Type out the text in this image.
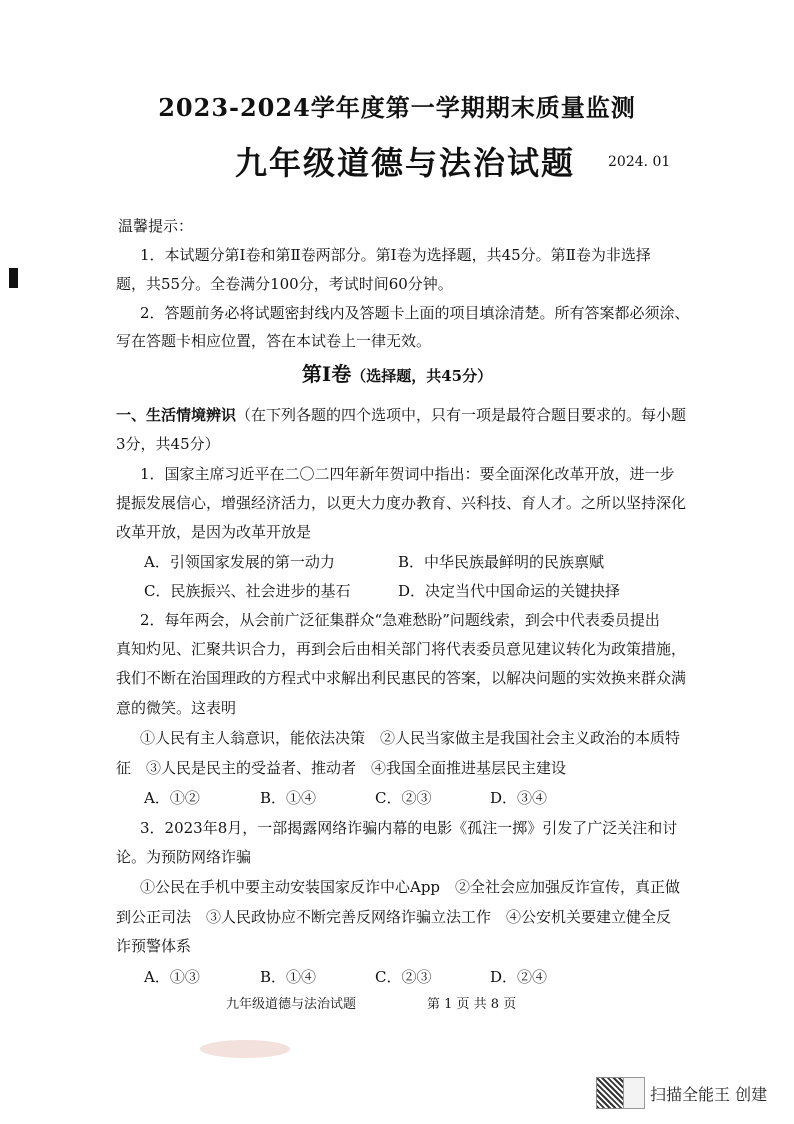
2023-2024学年度第一学期期末质量监测
九年级道德与法治试题 2024. 01
温馨提示：
1．本试题分第Ⅰ卷和第Ⅱ卷两部分。第Ⅰ卷为选择题，共45分。第Ⅱ卷为非选择
题，共55分。全卷满分100分，考试时间60分钟。
2．答题前务必将试题密封线内及答题卡上面的项目填涂清楚。所有答案都必须涂、
写在答题卡相应位置，答在本试卷上一律无效。
第Ⅰ卷（选择题，共45分）
一、生活情境辨识（在下列各题的四个选项中，只有一项是最符合题目要求的。每小题
3分，共45分）
1．国家主席习近平在二〇二四年新年贺词中指出：要全面深化改革开放，进一步
提振发展信心，增强经济活力，以更大力度办教育、兴科技、育人才。之所以坚持深化
改革开放，是因为改革开放是
A．引领国家发展的第一动力	B．中华民族最鲜明的民族禀赋
C．民族振兴、社会进步的基石	D．决定当代中国命运的关键抉择
2．每年两会，从会前广泛征集群众“急难愁盼”问题线索，到会中代表委员提出
真知灼见、汇聚共识合力，再到会后由相关部门将代表委员意见建议转化为政策措施，
我们不断在治国理政的方程式中求解出利民惠民的答案，以解决问题的实效换来群众满
意的微笑。这表明
①人民有主人翁意识，能依法决策　②人民当家做主是我国社会主义政治的本质特
征　③人民是民主的受益者、推动者　④我国全面推进基层民主建设
A．①②	B．①④	C．②③	D．③④
3．2023年8月，一部揭露网络诈骗内幕的电影《孤注一掷》引发了广泛关注和讨
论。为预防网络诈骗
①公民在手机中要主动安装国家反诈中心App　②全社会应加强反诈宣传，真正做
到公正司法　③人民政协应不断完善反网络诈骗立法工作　④公安机关要建立健全反
诈预警体系
A．①③	B．①④	C．②③	D．②④
九年级道德与法治试题	第 1 页 共 8 页
扫描全能王 创建
